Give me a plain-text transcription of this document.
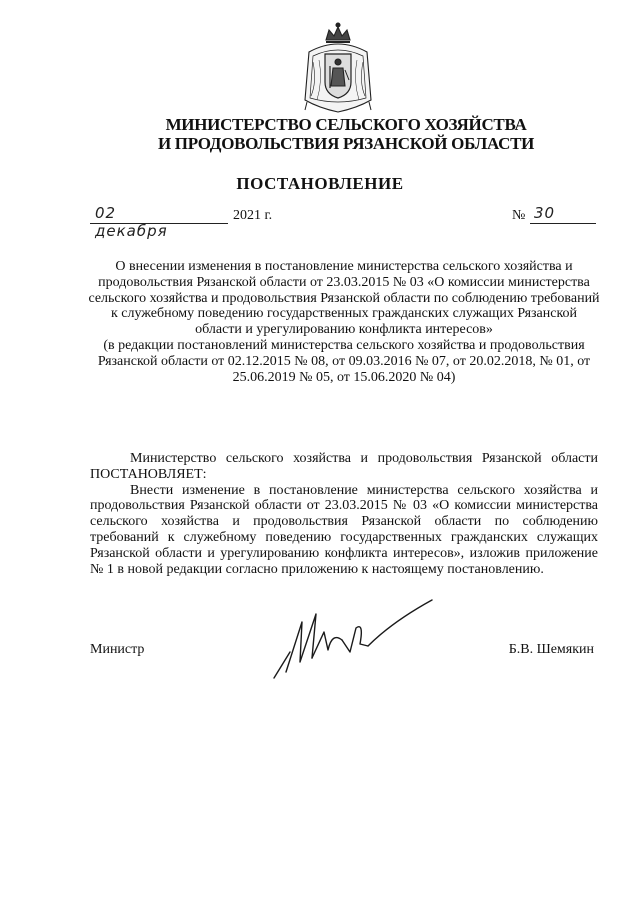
МИНИСТЕРСТВО СЕЛЬСКОГО ХОЗЯЙСТВА
И ПРОДОВОЛЬСТВИЯ РЯЗАНСКОЙ ОБЛАСТИ
ПОСТАНОВЛЕНИЕ
02 декабря
2021 г.	№ 30

О внесении изменения в постановление министерства сельского хозяйства и продовольствия Рязанской области от 23.03.2015 № 03 «О комиссии министерства сельского хозяйства и продовольствия Рязанской области по соблюдению требований к служебному поведению государственных гражданских служащих Рязанской области и урегулированию конфликта интересов»

(в редакции постановлений министерства сельского хозяйства и продовольствия Рязанской области от 02.12.2015 № 08, от 09.03.2016 № 07, от 20.02.2018, № 01, от 25.06.2019 № 05, от 15.06.2020 № 04)

Министерство сельского хозяйства и продовольствия Рязанской области ПОСТАНОВЛЯЕТ:

Внести изменение в постановление министерства сельского хозяйства и продовольствия Рязанской области от 23.03.2015 № 03 «О комиссии министерства сельского хозяйства и продовольствия Рязанской области по соблюдению требований к служебному поведению государственных гражданских служащих Рязанской области и урегулированию конфликта интересов», изложив приложение № 1 в новой редакции согласно приложению к настоящему постановлению.

Министр	Б.В. Шемякин
